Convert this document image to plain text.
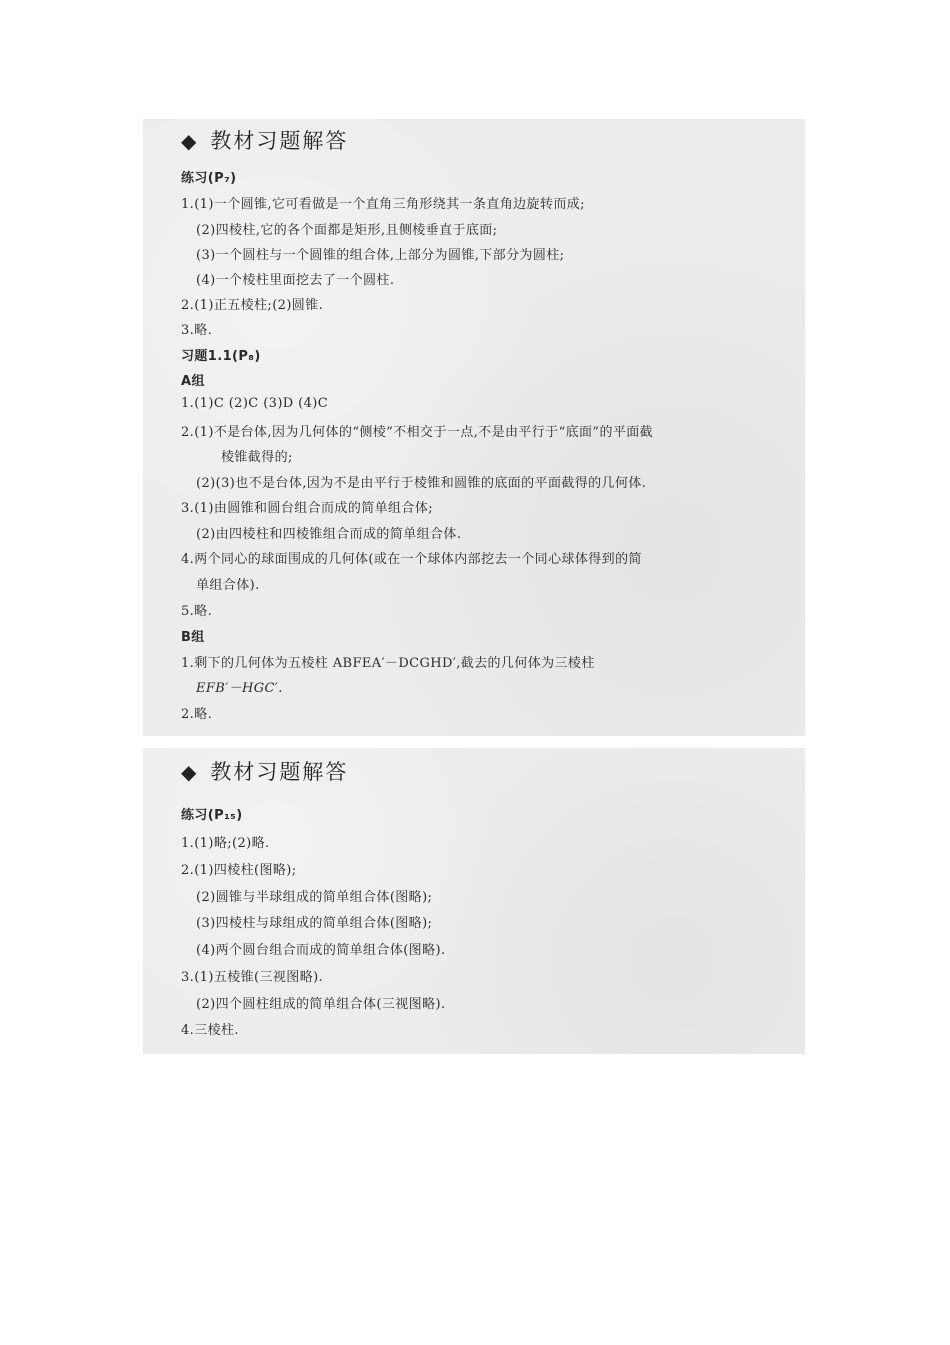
◆ 教材习题解答
练习(P₇)
1.(1)一个圆锥,它可看做是一个直角三角形绕其一条直角边旋转而成;
(2)四棱柱,它的各个面都是矩形,且侧棱垂直于底面;
(3)一个圆柱与一个圆锥的组合体,上部分为圆锥,下部分为圆柱;
(4)一个棱柱里面挖去了一个圆柱.
2.(1)正五棱柱;(2)圆锥.
3.略.
习题1.1(P₈)
A组
1.(1)C (2)C (3)D (4)C
2.(1)不是台体,因为几何体的“侧棱”不相交于一点,不是由平行于“底面”的平面截
棱锥截得的;
(2)(3)也不是台体,因为不是由平行于棱锥和圆锥的底面的平面截得的几何体.
3.(1)由圆锥和圆台组合而成的简单组合体;
(2)由四棱柱和四棱锥组合而成的简单组合体.
4.两个同心的球面围成的几何体(或在一个球体内部挖去一个同心球体得到的简
单组合体).
5.略.
B组
1.剩下的几何体为五棱柱 ABFEA′－DCGHD′,截去的几何体为三棱柱
EFB′－HGC′.
2.略.
◆ 教材习题解答
练习(P₁₅)
1.(1)略;(2)略.
2.(1)四棱柱(图略);
(2)圆锥与半球组成的简单组合体(图略);
(3)四棱柱与球组成的简单组合体(图略);
(4)两个圆台组合而成的简单组合体(图略).
3.(1)五棱锥(三视图略).
(2)四个圆柱组成的简单组合体(三视图略).
4.三棱柱.
